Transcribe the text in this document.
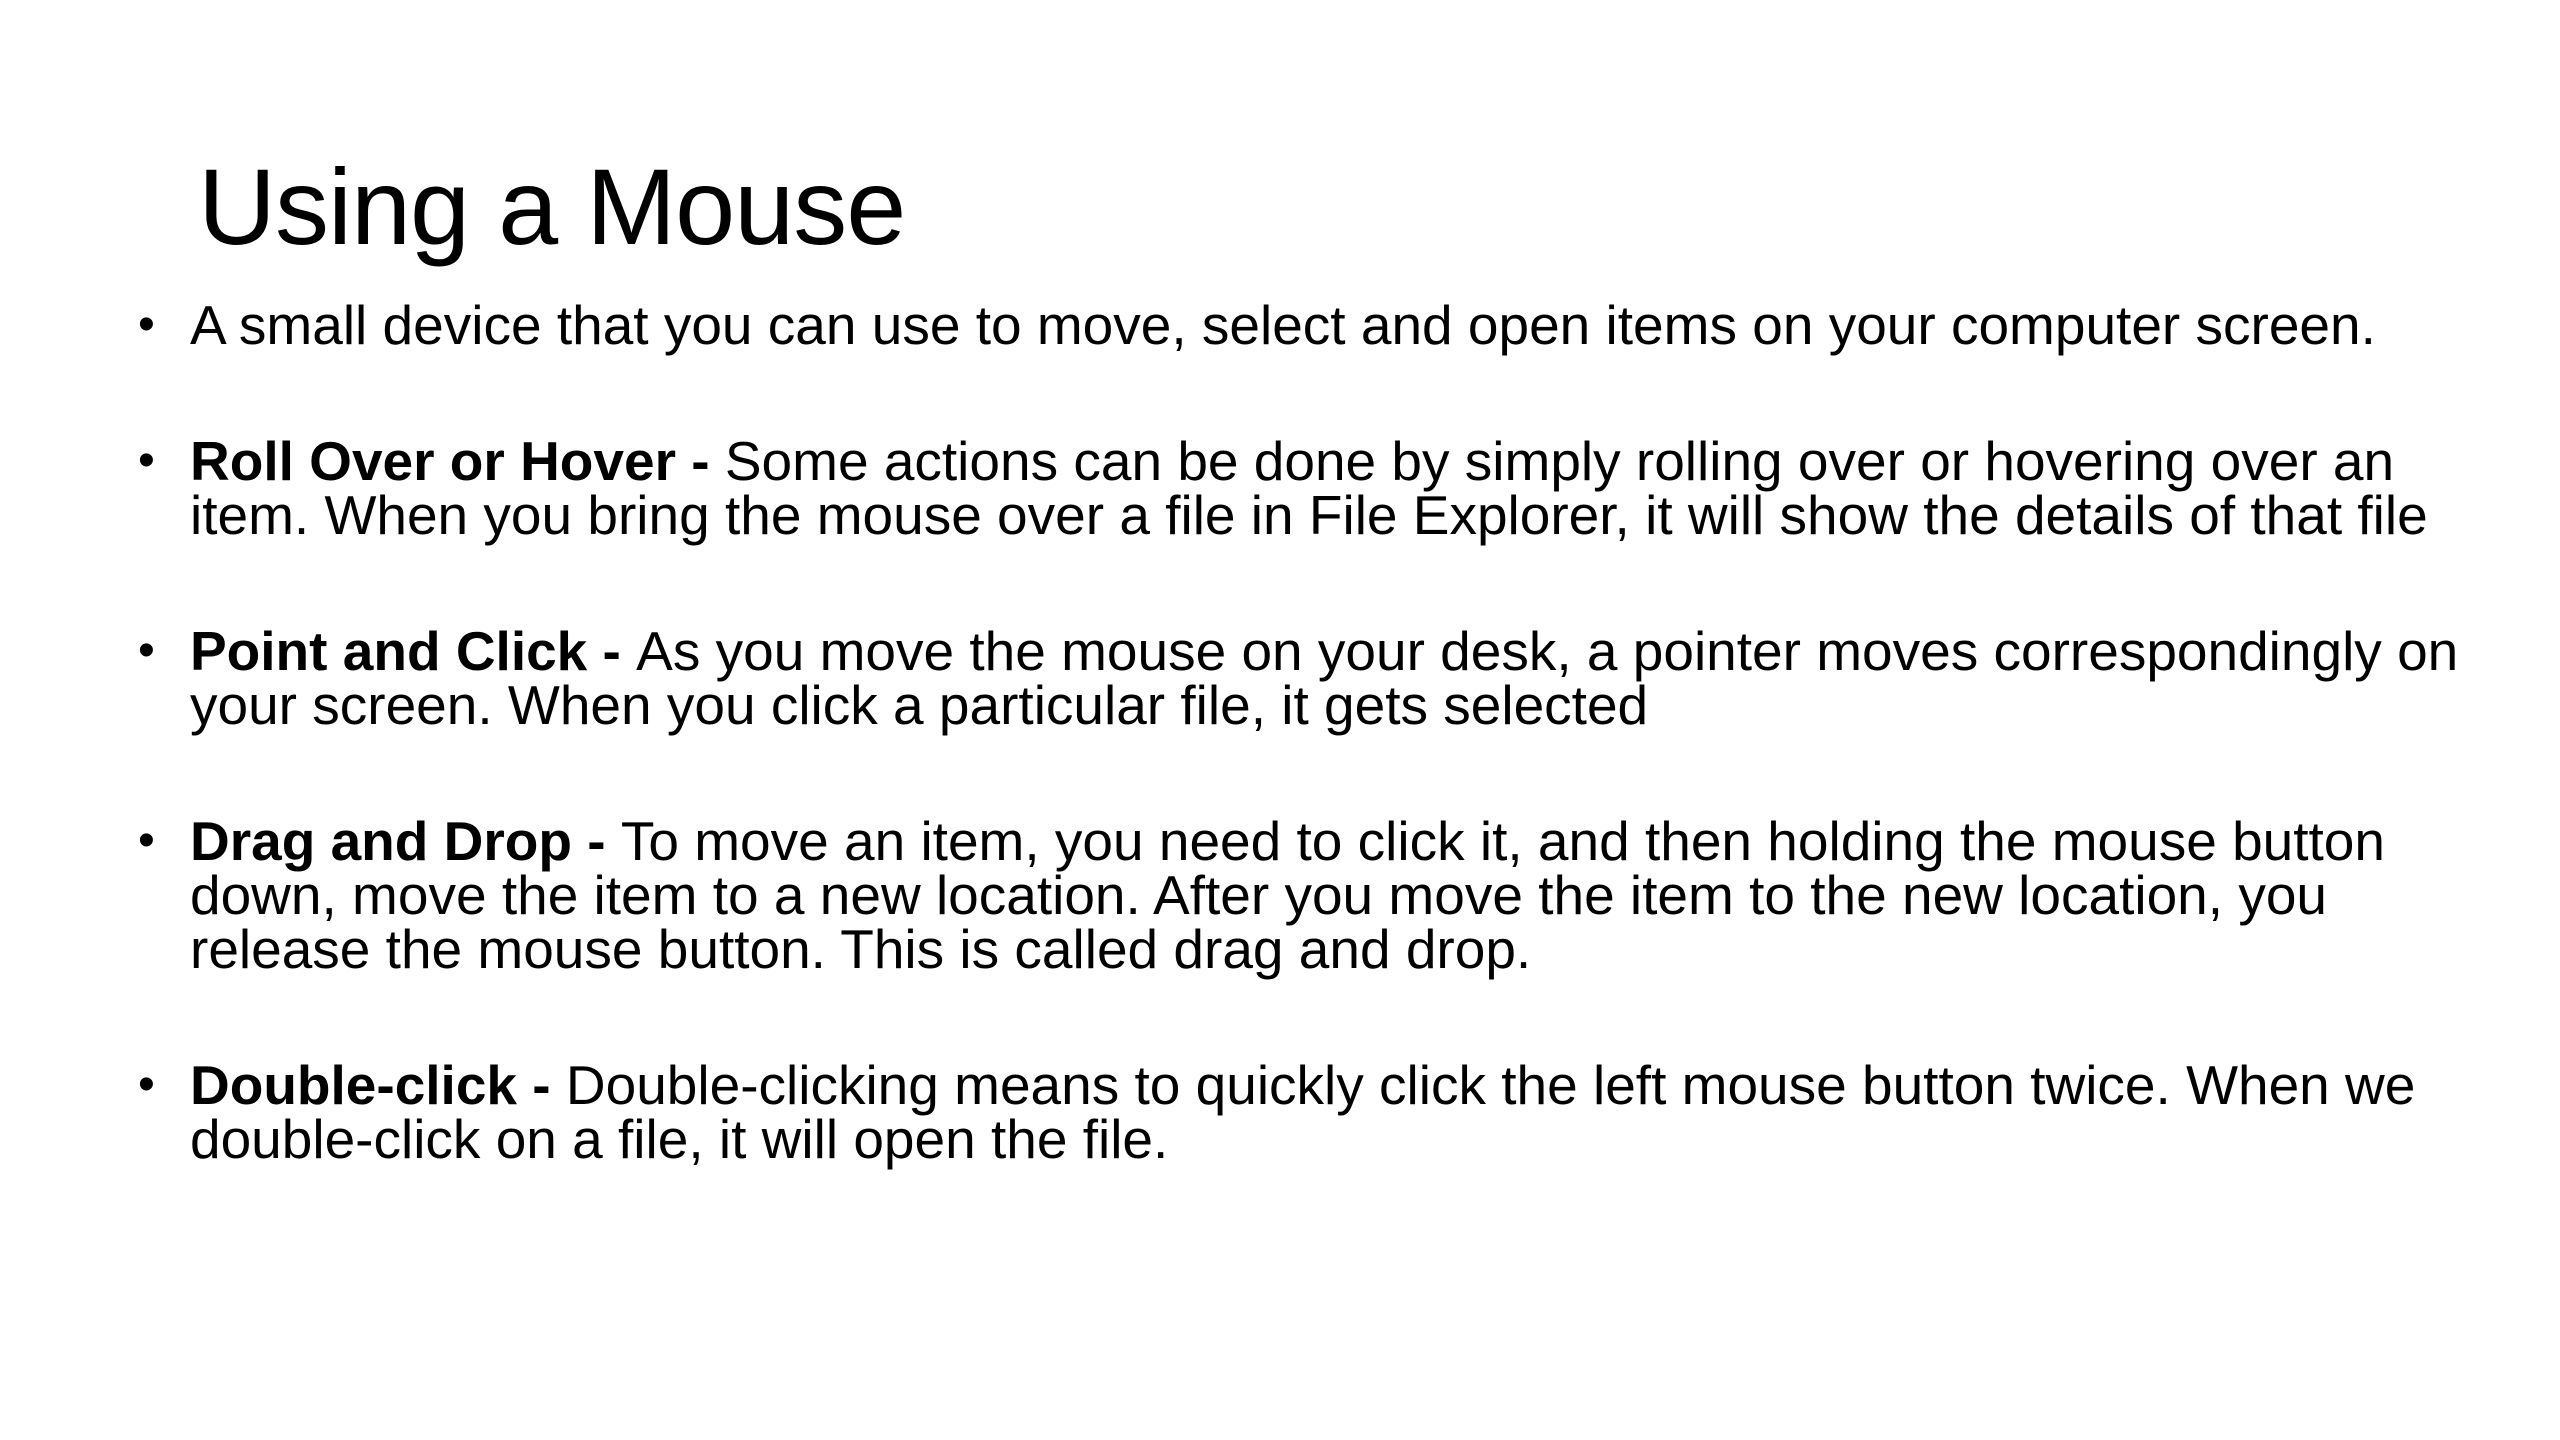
Using a Mouse
• A small device that you can use to move, select and open items on your computer screen.
• Roll Over or Hover - Some actions can be done by simply rolling over or hovering over an item. When you bring the mouse over a file in File Explorer, it will show the details of that file
• Point and Click - As you move the mouse on your desk, a pointer moves correspondingly on your screen. When you click a particular file, it gets selected
• Drag and Drop - To move an item, you need to click it, and then holding the mouse button down, move the item to a new location. After you move the item to the new location, you release the mouse button. This is called drag and drop.
• Double-click - Double-clicking means to quickly click the left mouse button twice. When we double-click on a file, it will open the file.
